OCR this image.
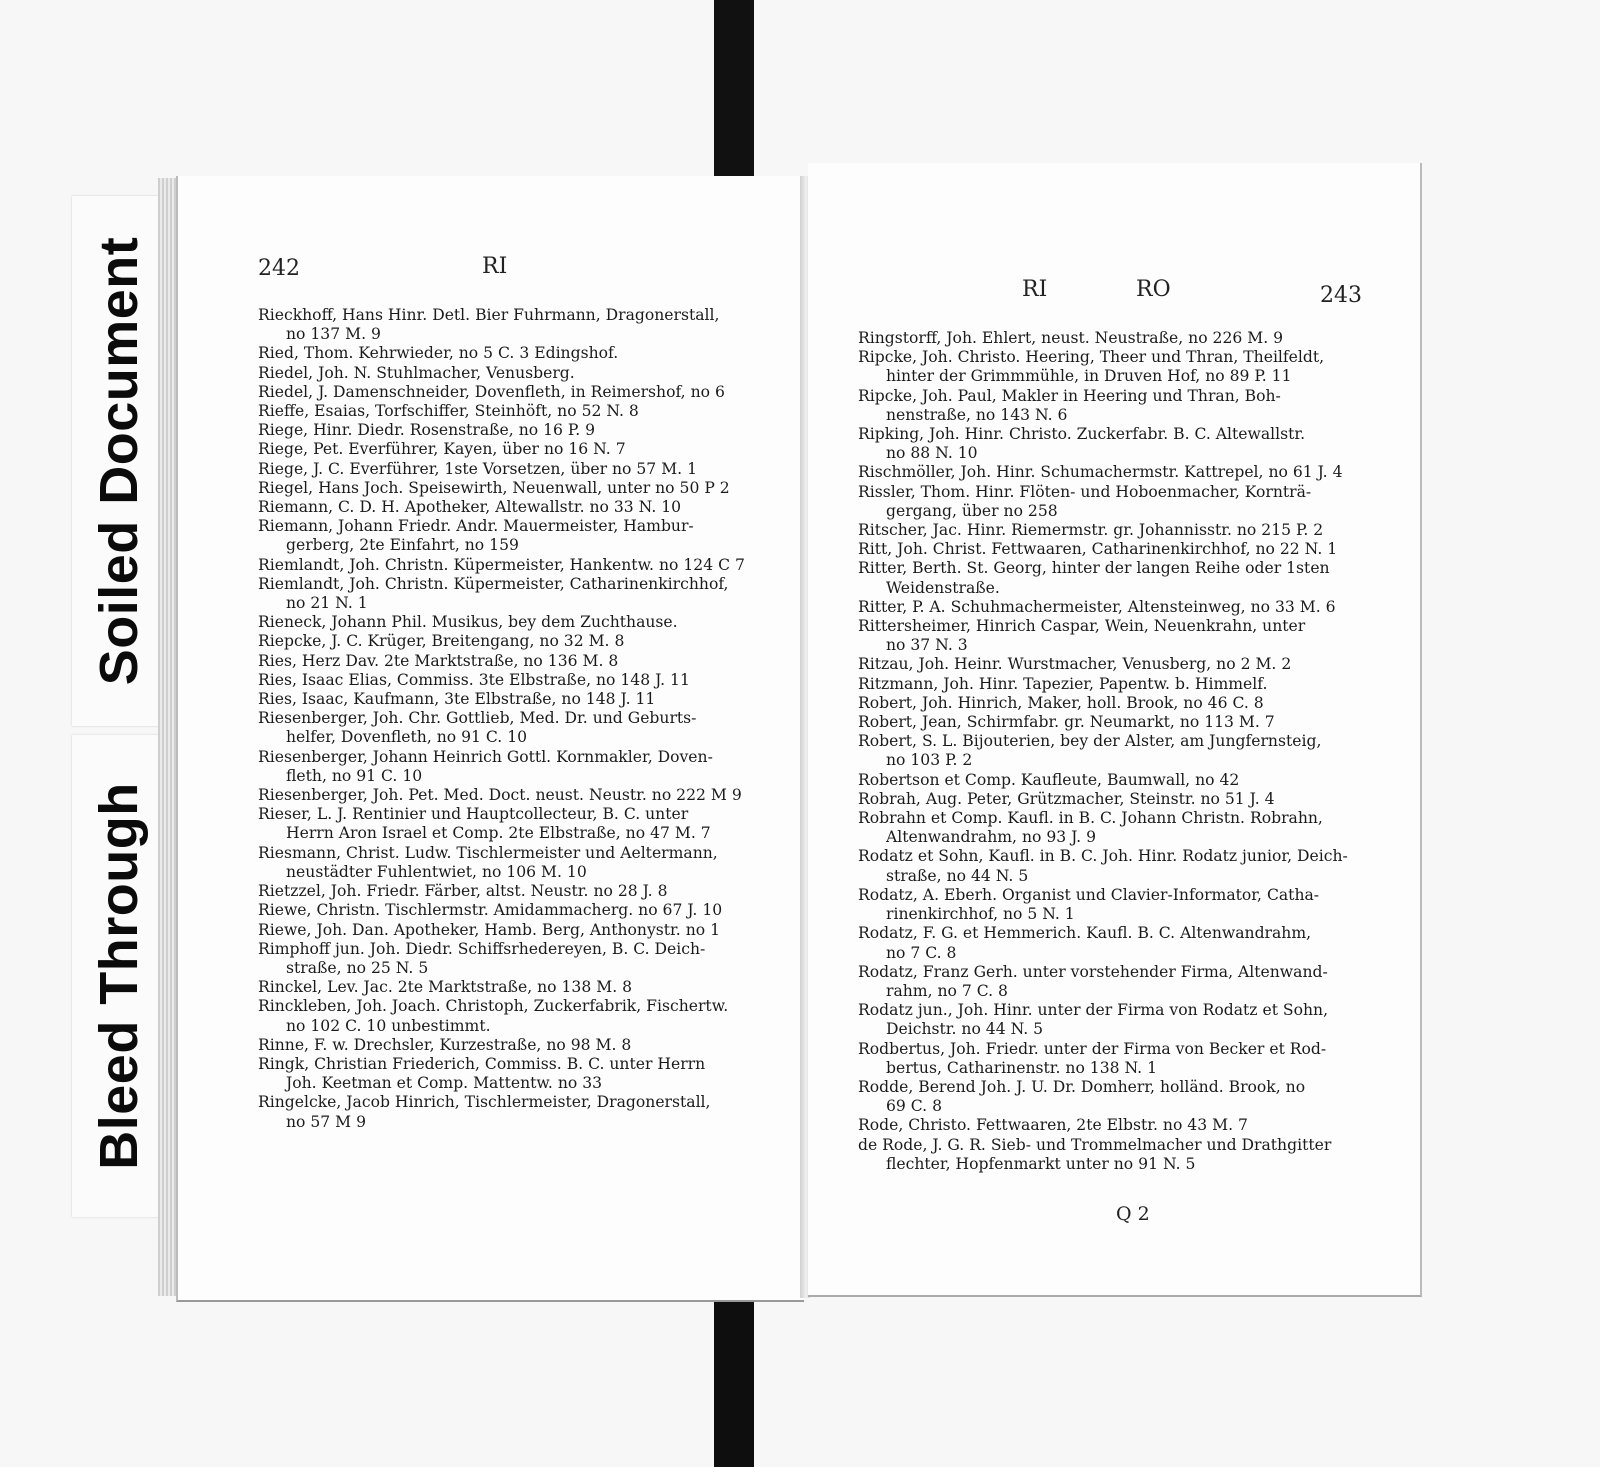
Soiled Document
Bleed Through
242	RI
Rieckhoff, Hans Hinr. Detl. Bier Fuhrmann, Dragonerstall,
no 137 M. 9
Ried, Thom. Kehrwieder, no 5 C. 3 Edingshof.
Riedel, Joh. N. Stuhlmacher, Venusberg.
Riedel, J. Damenschneider, Dovenfleth, in Reimershof, no 6
Rieffe, Esaias, Torfschiffer, Steinhöft, no 52 N. 8
Riege, Hinr. Diedr. Rosenstraße, no 16 P. 9
Riege, Pet. Everführer, Kayen, über no 16 N. 7
Riege, J. C. Everführer, 1ste Vorsetzen, über no 57 M. 1
Riegel, Hans Joch. Speisewirth, Neuenwall, unter no 50 P 2
Riemann, C. D. H. Apotheker, Altewallstr. no 33 N. 10
Riemann, Johann Friedr. Andr. Mauermeister, Hambur-
gerberg, 2te Einfahrt, no 159
Riemlandt, Joh. Christn. Küpermeister, Hankentw. no 124 C 7
Riemlandt, Joh. Christn. Küpermeister, Catharinenkirchhof,
no 21 N. 1
Rieneck, Johann Phil. Musikus, bey dem Zuchthause.
Riepcke, J. C. Krüger, Breitengang, no 32 M. 8
Ries, Herz Dav. 2te Marktstraße, no 136 M. 8
Ries, Isaac Elias, Commiss. 3te Elbstraße, no 148 J. 11
Ries, Isaac, Kaufmann, 3te Elbstraße, no 148 J. 11
Riesenberger, Joh. Chr. Gottlieb, Med. Dr. und Geburts-
helfer, Dovenfleth, no 91 C. 10
Riesenberger, Johann Heinrich Gottl. Kornmakler, Doven-
fleth, no 91 C. 10
Riesenberger, Joh. Pet. Med. Doct. neust. Neustr. no 222 M 9
Rieser, L. J. Rentinier und Hauptcollecteur, B. C. unter
Herrn Aron Israel et Comp. 2te Elbstraße, no 47 M. 7
Riesmann, Christ. Ludw. Tischlermeister und Aeltermann,
neustädter Fuhlentwiet, no 106 M. 10
Rietzzel, Joh. Friedr. Färber, altst. Neustr. no 28 J. 8
Riewe, Christn. Tischlermstr. Amidammacherg. no 67 J. 10
Riewe, Joh. Dan. Apotheker, Hamb. Berg, Anthonystr. no 1
Rimphoff jun. Joh. Diedr. Schiffsrhedereyen, B. C. Deich-
straße, no 25 N. 5
Rinckel, Lev. Jac. 2te Marktstraße, no 138 M. 8
Rinckleben, Joh. Joach. Christoph, Zuckerfabrik, Fischertw.
no 102 C. 10 unbestimmt.
Rinne, F. w. Drechsler, Kurzestraße, no 98 M. 8
Ringk, Christian Friederich, Commiss. B. C. unter Herrn
Joh. Keetman et Comp. Mattentw. no 33
Ringelcke, Jacob Hinrich, Tischlermeister, Dragonerstall,
no 57 M 9
RI	RO	243
Ringstorff, Joh. Ehlert, neust. Neustraße, no 226 M. 9
Ripcke, Joh. Christo. Heering, Theer und Thran, Theilfeldt,
hinter der Grimmmühle, in Druven Hof, no 89 P. 11
Ripcke, Joh. Paul, Makler in Heering und Thran, Boh-
nenstraße, no 143 N. 6
Ripking, Joh. Hinr. Christo. Zuckerfabr. B. C. Altewallstr.
no 88 N. 10
Rischmöller, Joh. Hinr. Schumachermstr. Kattrepel, no 61 J. 4
Rissler, Thom. Hinr. Flöten- und Hoboenmacher, Kornträ-
gergang, über no 258
Ritscher, Jac. Hinr. Riemermstr. gr. Johannisstr. no 215 P. 2
Ritt, Joh. Christ. Fettwaaren, Catharinenkirchhof, no 22 N. 1
Ritter, Berth. St. Georg, hinter der langen Reihe oder 1sten
Weidenstraße.
Ritter, P. A. Schuhmachermeister, Altensteinweg, no 33 M. 6
Rittersheimer, Hinrich Caspar, Wein, Neuenkrahn, unter
no 37 N. 3
Ritzau, Joh. Heinr. Wurstmacher, Venusberg, no 2 M. 2
Ritzmann, Joh. Hinr. Tapezier, Papentw. b. Himmelf.
Robert, Joh. Hinrich, Maker, holl. Brook, no 46 C. 8
Robert, Jean, Schirmfabr. gr. Neumarkt, no 113 M. 7
Robert, S. L. Bijouterien, bey der Alster, am Jungfernsteig,
no 103 P. 2
Robertson et Comp. Kaufleute, Baumwall, no 42
Robrah, Aug. Peter, Grützmacher, Steinstr. no 51 J. 4
Robrahn et Comp. Kaufl. in B. C. Johann Christn. Robrahn,
Altenwandrahm, no 93 J. 9
Rodatz et Sohn, Kaufl. in B. C. Joh. Hinr. Rodatz junior, Deich-
straße, no 44 N. 5
Rodatz, A. Eberh. Organist und Clavier-Informator, Catha-
rinenkirchhof, no 5 N. 1
Rodatz, F. G. et Hemmerich. Kaufl. B. C. Altenwandrahm,
no 7 C. 8
Rodatz, Franz Gerh. unter vorstehender Firma, Altenwand-
rahm, no 7 C. 8
Rodatz jun., Joh. Hinr. unter der Firma von Rodatz et Sohn,
Deichstr. no 44 N. 5
Rodbertus, Joh. Friedr. unter der Firma von Becker et Rod-
bertus, Catharinenstr. no 138 N. 1
Rodde, Berend Joh. J. U. Dr. Domherr, holländ. Brook, no
69 C. 8
Rode, Christo. Fettwaaren, 2te Elbstr. no 43 M. 7
de Rode, J. G. R. Sieb- und Trommelmacher und Drathgitter
flechter, Hopfenmarkt unter no 91 N. 5
Q 2
